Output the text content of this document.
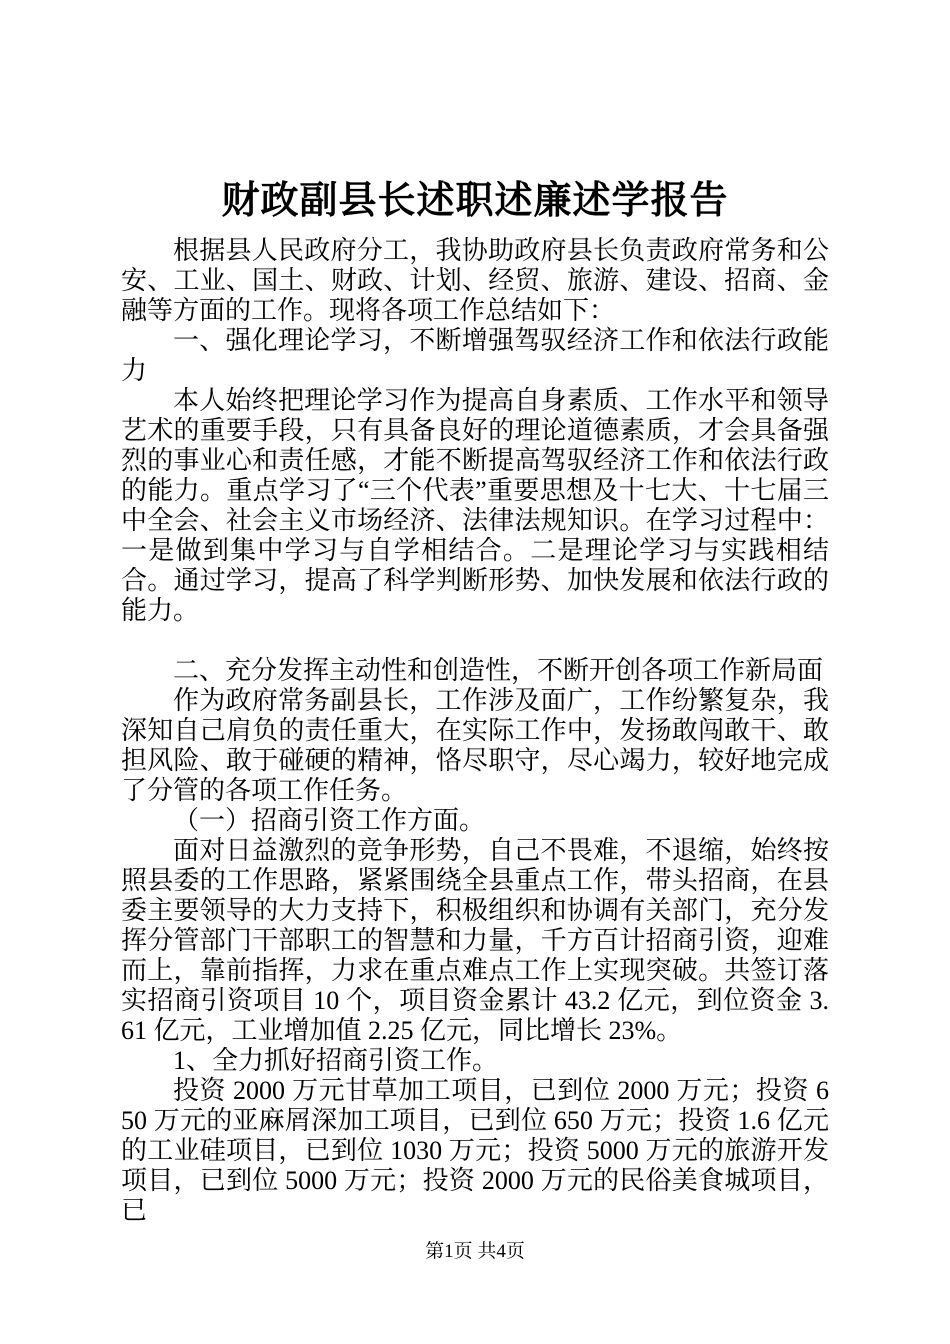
财政副县长述职述廉述学报告

根据县人民政府分工，我协助政府县长负责政府常务和公安、工业、国土、财政、计划、经贸、旅游、建设、招商、金融等方面的工作。现将各项工作总结如下：

一、强化理论学习，不断增强驾驭经济工作和依法行政能力

本人始终把理论学习作为提高自身素质、工作水平和领导艺术的重要手段，只有具备良好的理论道德素质，才会具备强烈的事业心和责任感，才能不断提高驾驭经济工作和依法行政的能力。重点学习了“三个代表”重要思想及十七大、十七届三中全会、社会主义市场经济、法律法规知识。在学习过程中：一是做到集中学习与自学相结合。二是理论学习与实践相结合。通过学习，提高了科学判断形势、加快发展和依法行政的能力。

二、充分发挥主动性和创造性，不断开创各项工作新局面

作为政府常务副县长，工作涉及面广，工作纷繁复杂，我深知自己肩负的责任重大，在实际工作中，发扬敢闯敢干、敢担风险、敢于碰硬的精神，恪尽职守，尽心竭力，较好地完成了分管的各项工作任务。

（一）招商引资工作方面。

面对日益激烈的竞争形势，自己不畏难，不退缩，始终按照县委的工作思路，紧紧围绕全县重点工作，带头招商，在县委主要领导的大力支持下，积极组织和协调有关部门，充分发挥分管部门干部职工的智慧和力量，千方百计招商引资，迎难而上，靠前指挥，力求在重点难点工作上实现突破。共签订落实招商引资项目 10 个，项目资金累计 43.2 亿元，到位资金 3.61 亿元，工业增加值 2.25 亿元，同比增长 23%。

1、全力抓好招商引资工作。

投资 2000 万元甘草加工项目，已到位 2000 万元；投资 650 万元的亚麻屑深加工项目，已到位 650 万元；投资 1.6 亿元的工业硅项目，已到位 1030 万元；投资 5000 万元的旅游开发项目，已到位 5000 万元；投资 2000 万元的民俗美食城项目，已

第1页 共4页
